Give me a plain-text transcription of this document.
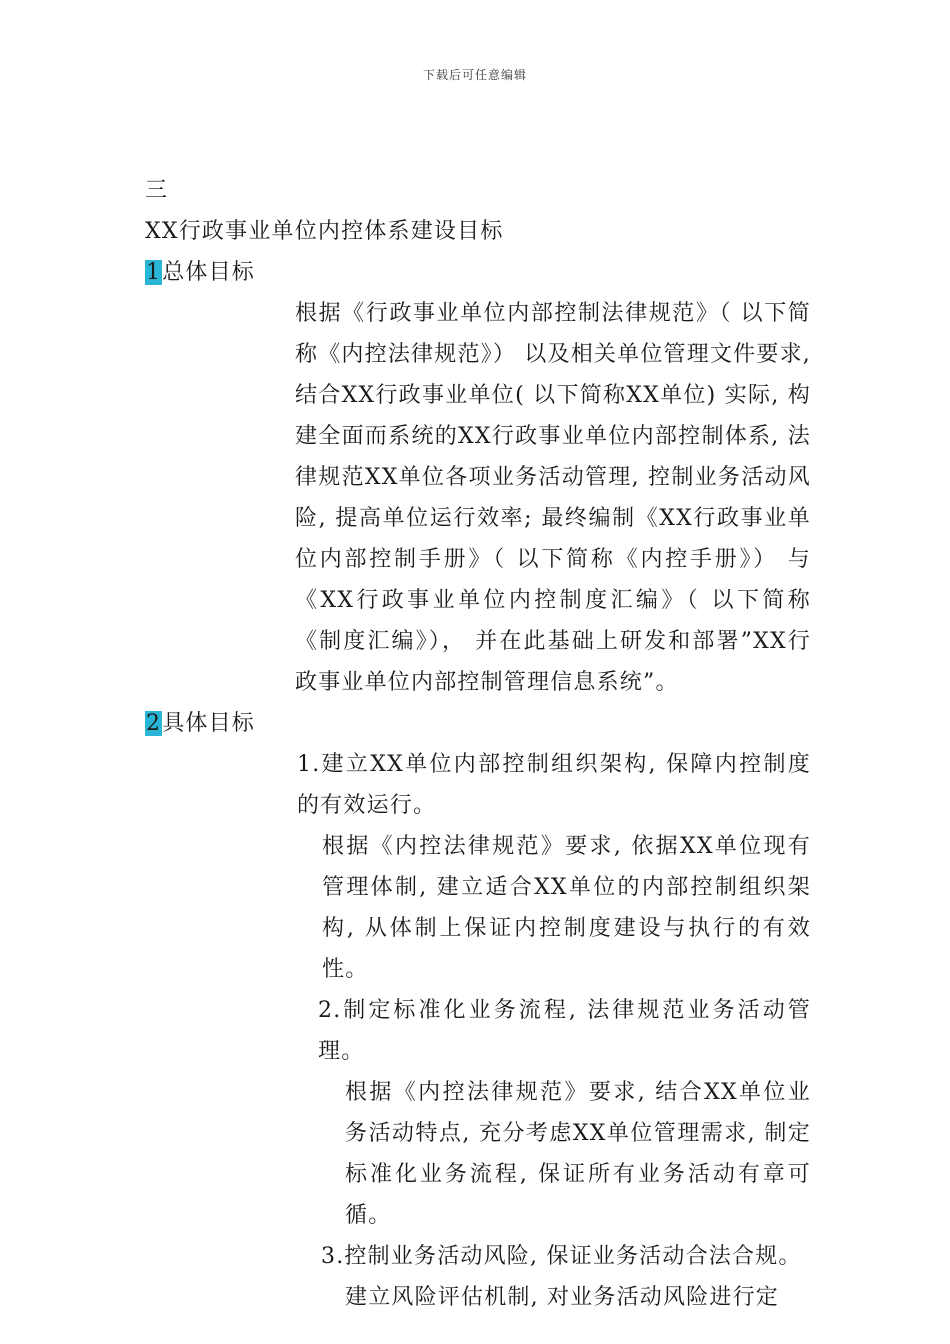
下载后可任意编辑

三

XX行政事业单位内控体系建设目标

1总体目标

根据《行政事业单位内部控制法律规范》（ 以下简称《内控法律规范》） 以及相关单位管理文件要求, 结合XX行政事业单位( 以下简称XX单位) 实际, 构建全面而系统的XX行政事业单位内部控制体系, 法律规范XX单位各项业务活动管理, 控制业务活动风险, 提高单位运行效率; 最终编制《XX行政事业单位内部控制手册》（ 以下简称《内控手册》） 与《XX行政事业单位内控制度汇编》（ 以下简称《制度汇编》）， 并在此基础上研发和部署”XX行政事业单位内部控制管理信息系统”。

2具体目标

1.建立XX单位内部控制组织架构, 保障内控制度的有效运行。

根据《内控法律规范》要求, 依据XX单位现有管理体制, 建立适合XX单位的内部控制组织架构, 从体制上保证内控制度建设与执行的有效性。

2.制定标准化业务流程, 法律规范业务活动管理。

根据《内控法律规范》要求, 结合XX单位业务活动特点, 充分考虑XX单位管理需求, 制定标准化业务流程, 保证所有业务活动有章可循。

3.控制业务活动风险, 保证业务活动合法合规。

建立风险评估机制, 对业务活动风险进行定
